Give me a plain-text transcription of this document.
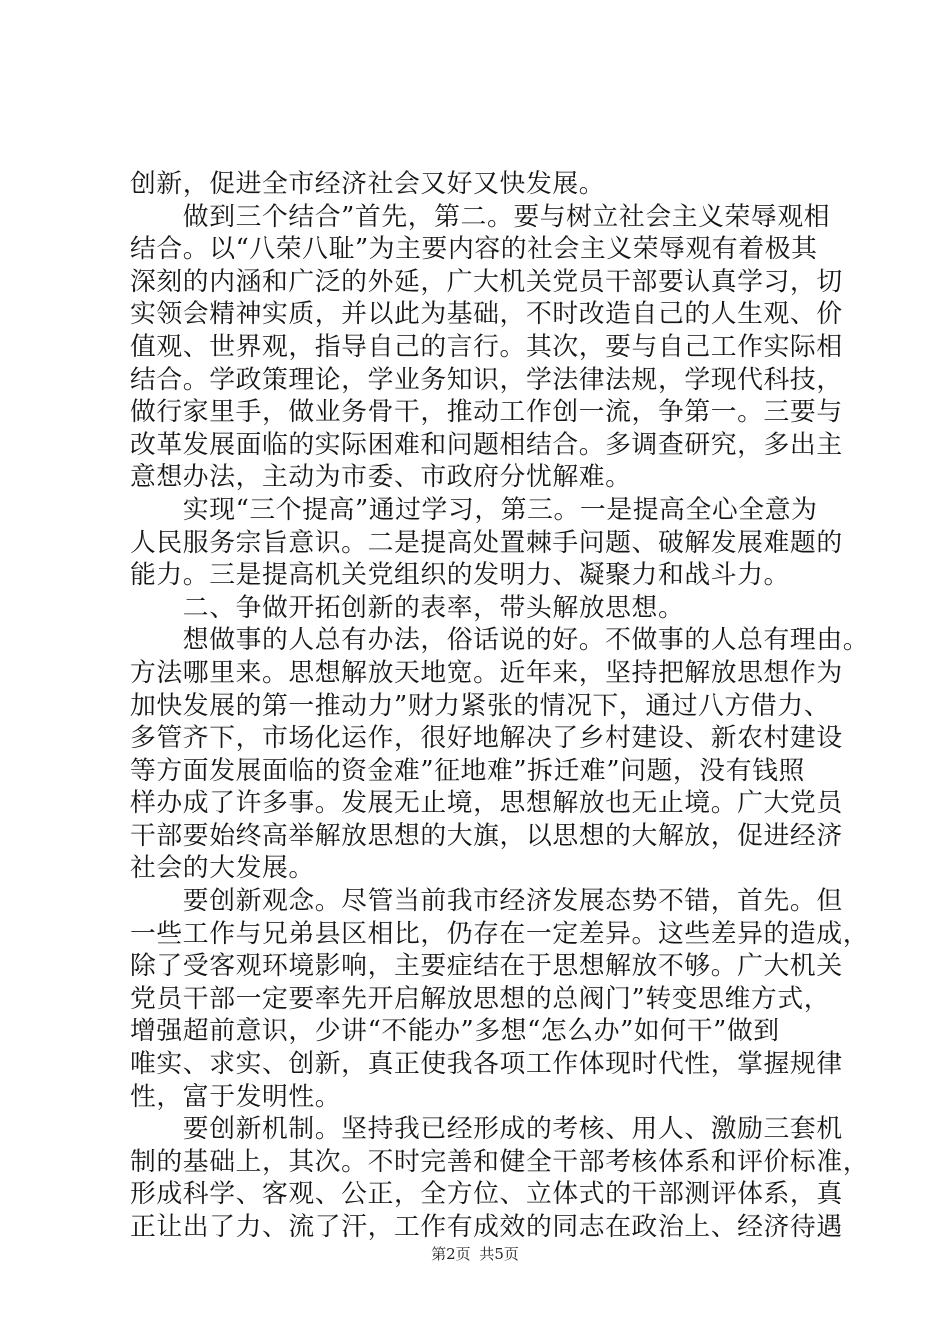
创新，促进全市经济社会又好又快发展。
　　做到三个结合”首先，第二。要与树立社会主义荣辱观相
结合。以“八荣八耻”为主要内容的社会主义荣辱观有着极其
深刻的内涵和广泛的外延，广大机关党员干部要认真学习，切
实领会精神实质，并以此为基础，不时改造自己的人生观、价
值观、世界观，指导自己的言行。其次，要与自己工作实际相
结合。学政策理论，学业务知识，学法律法规，学现代科技，
做行家里手，做业务骨干，推动工作创一流，争第一。三要与
改革发展面临的实际困难和问题相结合。多调查研究，多出主
意想办法，主动为市委、市政府分忧解难。
　　实现“三个提高”通过学习，第三。一是提高全心全意为
人民服务宗旨意识。二是提高处置棘手问题、破解发展难题的
能力。三是提高机关党组织的发明力、凝聚力和战斗力。
　　二、争做开拓创新的表率，带头解放思想。
　　想做事的人总有办法，俗话说的好。不做事的人总有理由。
方法哪里来。思想解放天地宽。近年来，坚持把解放思想作为
加快发展的第一推动力”财力紧张的情况下，通过八方借力、
多管齐下，市场化运作，很好地解决了乡村建设、新农村建设
等方面发展面临的资金难”征地难”拆迁难”问题，没有钱照
样办成了许多事。发展无止境，思想解放也无止境。广大党员
干部要始终高举解放思想的大旗，以思想的大解放，促进经济
社会的大发展。
　　要创新观念。尽管当前我市经济发展态势不错，首先。但
一些工作与兄弟县区相比，仍存在一定差异。这些差异的造成，
除了受客观环境影响，主要症结在于思想解放不够。广大机关
党员干部一定要率先开启解放思想的总阀门”转变思维方式，
增强超前意识，少讲“不能办”多想“怎么办”如何干”做到
唯实、求实、创新，真正使我各项工作体现时代性，掌握规律
性，富于发明性。
　　要创新机制。坚持我已经形成的考核、用人、激励三套机
制的基础上，其次。不时完善和健全干部考核体系和评价标准，
形成科学、客观、公正，全方位、立体式的干部测评体系，真
正让出了力、流了汗，工作有成效的同志在政治上、经济待遇
第2页 共5页
